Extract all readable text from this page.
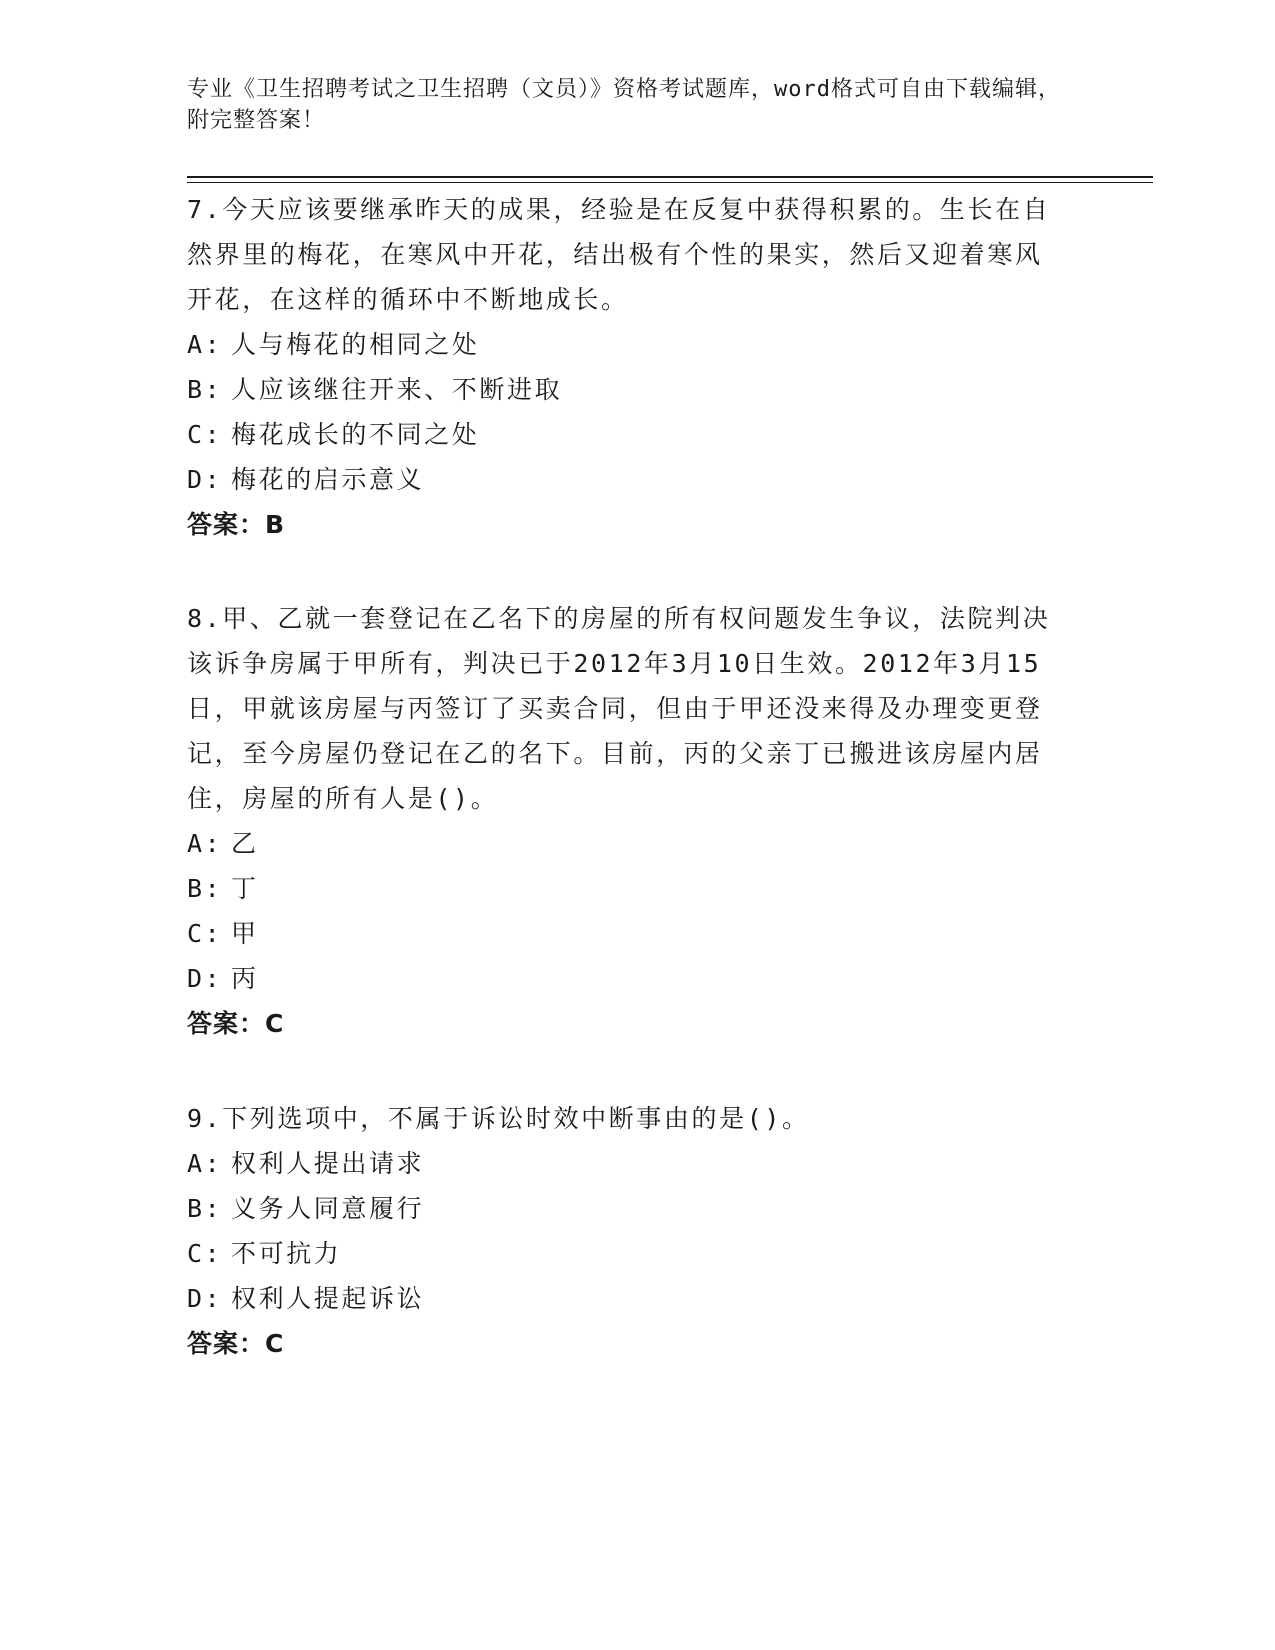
专业《卫生招聘考试之卫生招聘（文员）》资格考试题库，word格式可自由下载编辑，附完整答案！

7.今天应该要继承昨天的成果，经验是在反复中获得积累的。生长在自然界里的梅花，在寒风中开花，结出极有个性的果实，然后又迎着寒风开花，在这样的循环中不断地成长。

A: 人与梅花的相同之处

B: 人应该继往开来、不断进取

C: 梅花成长的不同之处

D: 梅花的启示意义

答案：B

8.甲、乙就一套登记在乙名下的房屋的所有权问题发生争议，法院判决该诉争房属于甲所有，判决已于2012年3月10日生效。2012年3月15日，甲就该房屋与丙签订了买卖合同，但由于甲还没来得及办理变更登记，至今房屋仍登记在乙的名下。目前，丙的父亲丁已搬进该房屋内居住，房屋的所有人是()。

A: 乙

B: 丁

C: 甲

D: 丙

答案：C

9.下列选项中，不属于诉讼时效中断事由的是()。

A: 权利人提出请求

B: 义务人同意履行

C: 不可抗力

D: 权利人提起诉讼

答案：C
